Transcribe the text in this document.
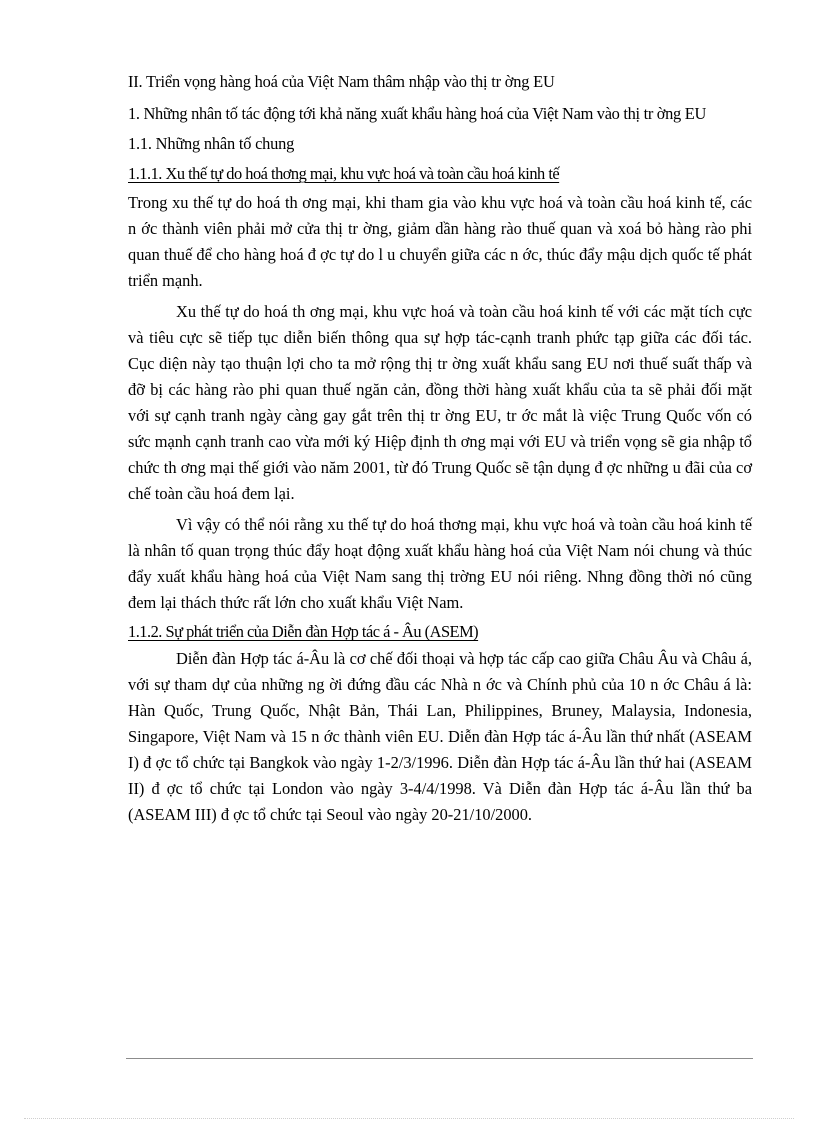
II. Triển vọng hàng hoá của Việt Nam thâm nhập vào thị tr ờng EU

1. Những nhân tố tác động tới khả năng xuất khẩu hàng hoá của Việt Nam vào thị tr ờng EU

1.1. Những nhân tố chung

1.1.1. Xu thế tự do hoá thơng mại, khu vực hoá và toàn cầu hoá kinh tế

Trong xu thế tự do hoá th ơng mại, khi tham gia vào khu vực hoá và toàn cầu hoá kinh tế, các n ớc thành viên phải mở cửa thị tr ờng, giảm dần hàng rào thuế quan và xoá bỏ hàng rào phi quan thuế để cho hàng hoá đ ợc tự do l u chuyển giữa các n ớc, thúc đẩy mậu dịch quốc tế phát triển mạnh.

Xu thế tự do hoá th ơng mại, khu vực hoá và toàn cầu hoá kinh tế với các mặt tích cực và tiêu cực sẽ tiếp tục diễn biến thông qua sự hợp tác-cạnh tranh phức tạp giữa các đối tác. Cục diện này tạo thuận lợi cho ta mở rộng thị tr ờng xuất khẩu sang EU nơi thuế suất thấp và đỡ bị các hàng rào phi quan thuế ngăn cản, đồng thời hàng xuất khẩu của ta sẽ phải đối mặt với sự cạnh tranh ngày càng gay gắt trên thị tr ờng EU, tr ớc mắt là việc Trung Quốc vốn có sức mạnh cạnh tranh cao vừa mới ký Hiệp định th ơng mại với EU và triển vọng sẽ gia nhập tổ chức th ơng mại thế giới vào năm 2001, từ đó Trung Quốc sẽ tận dụng đ ợc những u đãi của cơ chế toàn cầu hoá đem lại.

Vì vậy có thể nói rằng xu thế tự do hoá thơng mại, khu vực hoá và toàn cầu hoá kinh tế là nhân tố quan trọng thúc đẩy hoạt động xuất khẩu hàng hoá của Việt Nam nói chung và thúc đẩy xuất khẩu hàng hoá của Việt Nam sang thị trờng EU nói riêng. Nhng đồng thời nó cũng đem lại thách thức rất lớn cho xuất khẩu Việt Nam.

1.1.2. Sự phát triển của Diễn đàn Hợp tác á - Âu (ASEM)

Diễn đàn Hợp tác á-Âu là cơ chế đối thoại và hợp tác cấp cao giữa Châu Âu và Châu á, với sự tham dự của những ng ời đứng đầu các Nhà n ớc và Chính phủ của 10 n ớc Châu á là: Hàn Quốc, Trung Quốc, Nhật Bản, Thái Lan, Philippines, Bruney, Malaysia, Indonesia, Singapore, Việt Nam và 15 n ớc thành viên EU. Diễn đàn Hợp tác á-Âu lần thứ nhất (ASEAM I) đ ợc tổ chức tại Bangkok vào ngày 1-2/3/1996. Diễn đàn Hợp tác á-Âu lần thứ hai (ASEAM II) đ ợc tổ chức tại London vào ngày 3-4/4/1998. Và Diễn đàn Hợp tác á-Âu lần thứ ba (ASEAM III) đ ợc tổ chức tại Seoul vào ngày 20-21/10/2000.
